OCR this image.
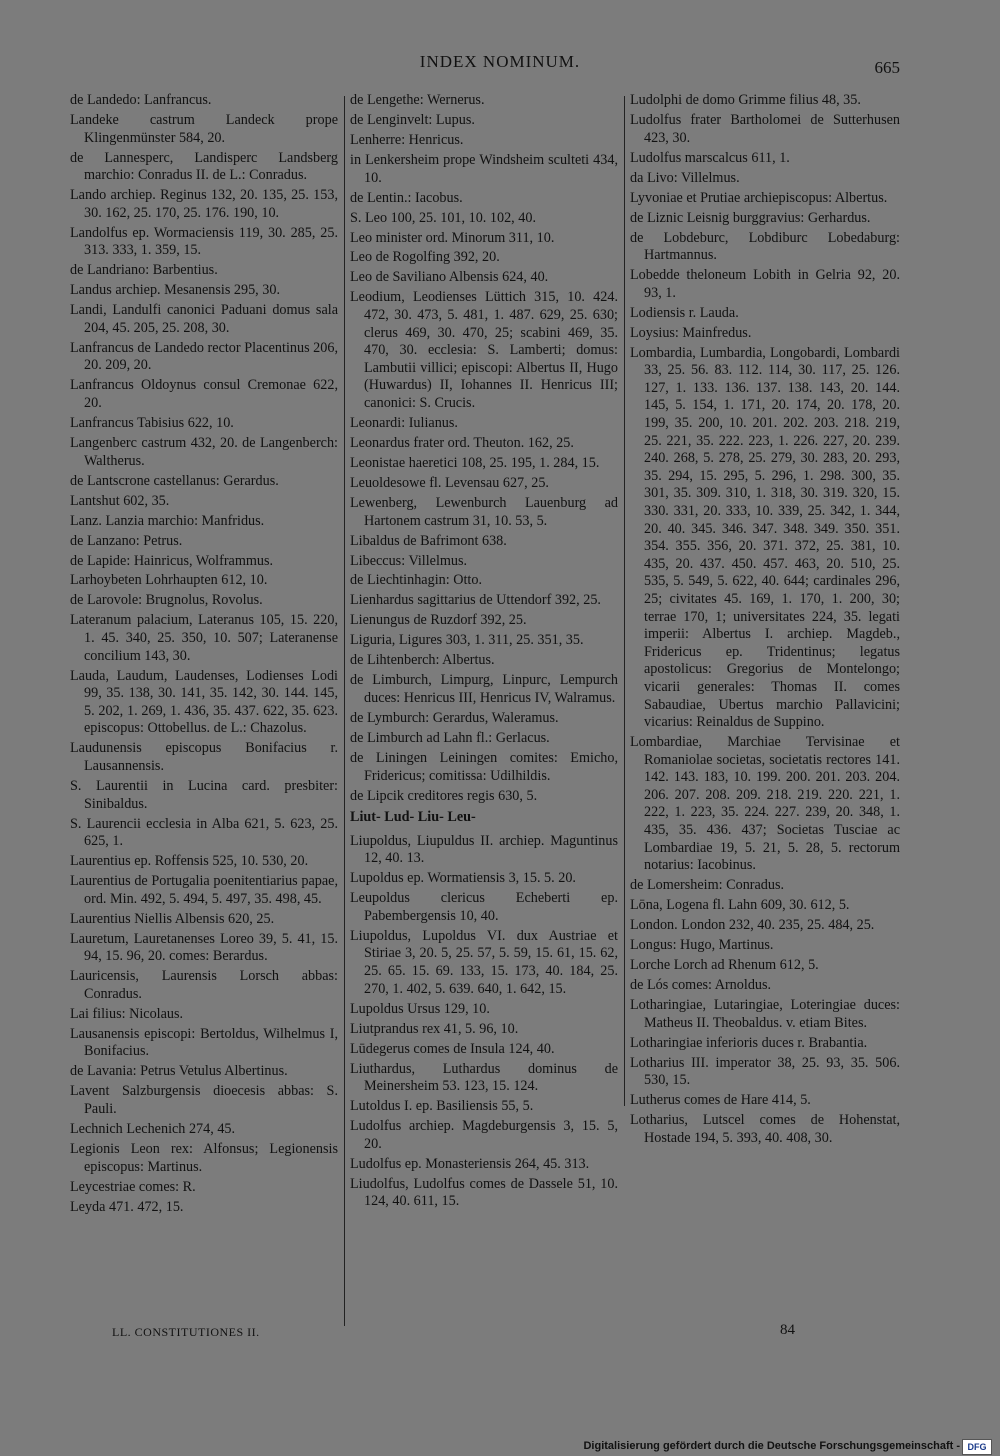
INDEX NOMINUM.	665
de Landedo: Lanfrancus.
Landeke castrum Landeck prope Klingenmünster 584, 20.
de Lannesperc, Landisperc Landsberg marchio: Conradus II. de L.: Conradus.
Lando archiep. Reginus 132, 20. 135, 25. 153, 30. 162, 25. 170, 25. 176. 190, 10.
Landolfus ep. Wormaciensis 119, 30. 285, 25. 313. 333, 1. 359, 15.
de Landriano: Barbentius.
Landus archiep. Mesanensis 295, 30.
Landi, Landulfi canonici Paduani domus sala 204, 45. 205, 25. 208, 30.
Lanfrancus de Landedo rector Placentinus 206, 20. 209, 20.
Lanfrancus Oldoynus consul Cremonae 622, 20.
Lanfrancus Tabisius 622, 10.
Langenberc castrum 432, 20. de Langenberch: Waltherus.
de Lantscrone castellanus: Gerardus.
Lantshut 602, 35.
Lanz. Lanzia marchio: Manfridus.
de Lanzano: Petrus.
de Lapide: Hainricus, Wolframmus.
Larhoybeten Lohrhaupten 612, 10.
de Larovole: Brugnolus, Rovolus.
Lateranum palacium, Lateranus 105, 15. 220, 1. 45. 340, 25. 350, 10. 507; Lateranense concilium 143, 30.
Lauda, Laudum, Laudenses, Lodienses Lodi 99, 35. 138, 30. 141, 35. 142, 30. 144. 145, 5. 202, 1. 269, 1. 436, 35. 437. 622, 35. 623. episcopus: Ottobellus. de L.: Chazolus.
Laudunensis episcopus Bonifacius r. Lausannensis.
S. Laurentii in Lucina card. presbiter: Sinibaldus.
S. Laurencii ecclesia in Alba 621, 5. 623, 25. 625, 1.
Laurentius ep. Roffensis 525, 10. 530, 20.
Laurentius de Portugalia poenitentiarius papae, ord. Min. 492, 5. 494, 5. 497, 35. 498, 45.
Laurentius Niellis Albensis 620, 25.
Lauretum, Lauretanenses Loreo 39, 5. 41, 15. 94, 15. 96, 20. comes: Berardus.
Lauricensis, Laurensis Lorsch abbas: Conradus.
Lai filius: Nicolaus.
Lausanensis episcopi: Bertoldus, Wilhelmus I, Bonifacius.
de Lavania: Petrus Vetulus Albertinus.
Lavent Salzburgensis dioecesis abbas: S. Pauli.
Lechnich Lechenich 274, 45.
Legionis Leon rex: Alfonsus; Legionensis episcopus: Martinus.
Leycestriae comes: R.
Leyda 471. 472, 15.
de Lengethe: Wernerus.
de Lenginvelt: Lupus.
Lenherre: Henricus.
in Lenkersheim prope Windsheim sculteti 434, 10.
de Lentin.: Iacobus.
S. Leo 100, 25. 101, 10. 102, 40.
Leo minister ord. Minorum 311, 10.
Leo de Rogolfing 392, 20.
Leo de Saviliano Albensis 624, 40.
Leodium, Leodienses Lüttich 315, 10. 424. 472, 30. 473, 5. 481, 1. 487. 629, 25. 630; clerus 469, 30. 470, 25; scabini 469, 35. 470, 30. ecclesia: S. Lamberti; domus: Lambutii villici; episcopi: Albertus II, Hugo (Huwardus) II, Iohannes II. Henricus III; canonici: S. Crucis.
Leonardi: Iulianus.
Leonardus frater ord. Theuton. 162, 25.
Leonistae haeretici 108, 25. 195, 1. 284, 15.
Leuoldesowe fl. Levensau 627, 25.
Lewenberg, Lewenburch Lauenburg ad Hartonem castrum 31, 10. 53, 5.
Libaldus de Bafrimont 638.
Libeccus: Villelmus.
de Liechtinhagin: Otto.
Lienhardus sagittarius de Uttendorf 392, 25.
Lienungus de Ruzdorf 392, 25.
Liguria, Ligures 303, 1. 311, 25. 351, 35.
de Lihtenberch: Albertus.
de Limburch, Limpurg, Linpurc, Lempurch duces: Henricus III, Henricus IV, Walramus.
de Lymburch: Gerardus, Waleramus.
de Limburch ad Lahn fl.: Gerlacus.
de Liningen Leiningen comites: Emicho, Fridericus; comitissa: Udilhildis.
de Lipcik creditores regis 630, 5.
Liut- Lud- Liu- Leu-
Liupoldus, Liupuldus II. archiep. Maguntinus 12, 40. 13.
Lupoldus ep. Wormatiensis 3, 15. 5. 20.
Leupoldus clericus Echeberti ep. Pabembergensis 10, 40.
Liupoldus, Lupoldus VI. dux Austriae et Stiriae 3, 20. 5, 25. 57, 5. 59, 15. 61, 15. 62, 25. 65. 15. 69. 133, 15. 173, 40. 184, 25. 270, 1. 402, 5. 639. 640, 1. 642, 15.
Lupoldus Ursus 129, 10.
Liutprandus rex 41, 5. 96, 10.
Lūdegerus comes de Insula 124, 40.
Liuthardus, Luthardus dominus de Meinersheim 53. 123, 15. 124.
Lutoldus I. ep. Basiliensis 55, 5.
Ludolfus archiep. Magdeburgensis 3, 15. 5, 20.
Ludolfus ep. Monasteriensis 264, 45. 313.
Liudolfus, Ludolfus comes de Dassele 51, 10. 124, 40. 611, 15.
Ludolphi de domo Grimme filius 48, 35.
Ludolfus frater Bartholomei de Sutterhusen 423, 30.
Ludolfus marscalcus 611, 1.
da Livo: Villelmus.
Lyvoniae et Prutiae archiepiscopus: Albertus.
de Liznic Leisnig burggravius: Gerhardus.
de Lobdeburc, Lobdiburc Lobedaburg: Hartmannus.
Lobedde theloneum Lobith in Gelria 92, 20. 93, 1.
Lodiensis r. Lauda.
Loysius: Mainfredus.
Lombardia, Lumbardia, Longobardi, Lombardi 33, 25. 56. 83. 112. 114, 30. 117, 25. 126. 127, 1. 133. 136. 137. 138. 143, 20. 144. 145, 5. 154, 1. 171, 20. 174, 20. 178, 20. 199, 35. 200, 10. 201. 202. 203. 218. 219, 25. 221, 35. 222. 223, 1. 226. 227, 20. 239. 240. 268, 5. 278, 25. 279, 30. 283, 20. 293, 35. 294, 15. 295, 5. 296, 1. 298. 300, 35. 301, 35. 309. 310, 1. 318, 30. 319. 320, 15. 330. 331, 20. 333, 10. 339, 25. 342, 1. 344, 20. 40. 345. 346. 347. 348. 349. 350. 351. 354. 355. 356, 20. 371. 372, 25. 381, 10. 435, 20. 437. 450. 457. 463, 20. 510, 25. 535, 5. 549, 5. 622, 40. 644; cardinales 296, 25; civitates 45. 169, 1. 170, 1. 200, 30; terrae 170, 1; universitates 224, 35. legati imperii: Albertus I. archiep. Magdeb., Fridericus ep. Tridentinus; legatus apostolicus: Gregorius de Montelongo; vicarii generales: Thomas II. comes Sabaudiae, Ubertus marchio Pallavicini; vicarius: Reinaldus de Suppino.
Lombardiae, Marchiae Tervisinae et Romaniolae societas, societatis rectores 141. 142. 143. 183, 10. 199. 200. 201. 203. 204. 206. 207. 208. 209. 218. 219. 220. 221, 1. 222, 1. 223, 35. 224. 227. 239, 20. 348, 1. 435, 35. 436. 437; Societas Tusciae ac Lombardiae 19, 5. 21, 5. 28, 5. rectorum notarius: Iacobinus.
de Lomersheim: Conradus.
Lōna, Logena fl. Lahn 609, 30. 612, 5.
London. London 232, 40. 235, 25. 484, 25.
Longus: Hugo, Martinus.
Lorche Lorch ad Rhenum 612, 5.
de Lós comes: Arnoldus.
Lotharingiae, Lutaringiae, Loteringiae duces: Matheus II. Theobaldus. v. etiam Bites.
Lotharingiae inferioris duces r. Brabantia.
Lotharius III. imperator 38, 25. 93, 35. 506. 530, 15.
Lutherus comes de Hare 414, 5.
Lotharius, Lutscel comes de Hohenstat, Hostade 194, 5. 393, 40. 408, 30.
LL. CONSTITUTIONES II.	84
Digitalisierung gefördert durch die Deutsche Forschungsgemeinschaft - DFG
